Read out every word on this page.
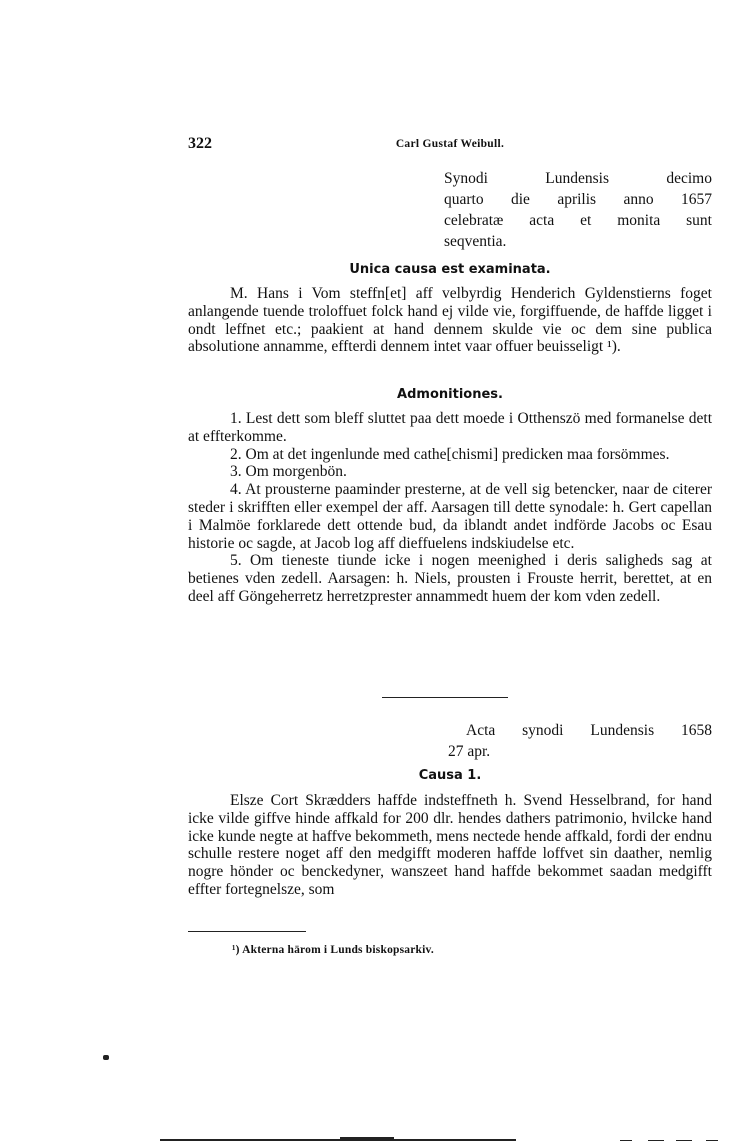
322	Carl Gustaf Weibull.
Synodi Lundensis decimo
quarto die aprilis anno 1657
celebratæ acta et monita sunt
seqventia.
Unica causa est examinata.

M. Hans i Vom steffn[et] aff velbyrdig Henderich Gyldenstierns foget anlangende tuende troloffuet folck hand ej vilde vie, forgiffuende, de haffde ligget i ondt leffnet etc.; paakient at hand dennem skulde vie oc dem sine publica absolutione annamme, effterdi dennem intet vaar offuer beuisseligt ¹).

Admonitiones.

1. Lest dett som bleff sluttet paa dett moede i Otthenszö med formanelse dett at effterkomme.

2. Om at det ingenlunde med cathe[chismi] predicken maa forsömmes.

3. Om morgenbön.

4. At prousterne paaminder presterne, at de vell sig betencker, naar de citerer steder i skrifften eller exempel der aff. Aarsagen till dette synodale: h. Gert capellan i Malmöe forklarede dett ottende bud, da iblandt andet indförde Jacobs oc Esau historie oc sagde, at Jacob log aff dieffuelens indskiudelse etc.

5. Om tieneste tiunde icke i nogen meenighed i deris saligheds sag at betienes vden zedell. Aarsagen: h. Niels, prousten i Frouste herrit, berettet, at en deel aff Göngeherretz herretzprester annammedt huem der kom vden zedell.

Acta synodi Lundensis 1658
27 apr.
Causa 1.

Elsze Cort Skrædders haffde indsteffneth h. Svend Hesselbrand, for hand icke vilde giffve hinde affkald for 200 dlr. hendes dathers patrimonio, hvilcke hand icke kunde negte at haffve bekommeth, mens nectede hende affkald, fordi der endnu schulle restere noget aff den medgifft moderen haffde loffvet sin daather, nemlig nogre hönder oc benckedyner, wanszeet hand haffde bekommet saadan medgifft effter fortegnelsze, som

¹) Akterna härom i Lunds biskopsarkiv.
